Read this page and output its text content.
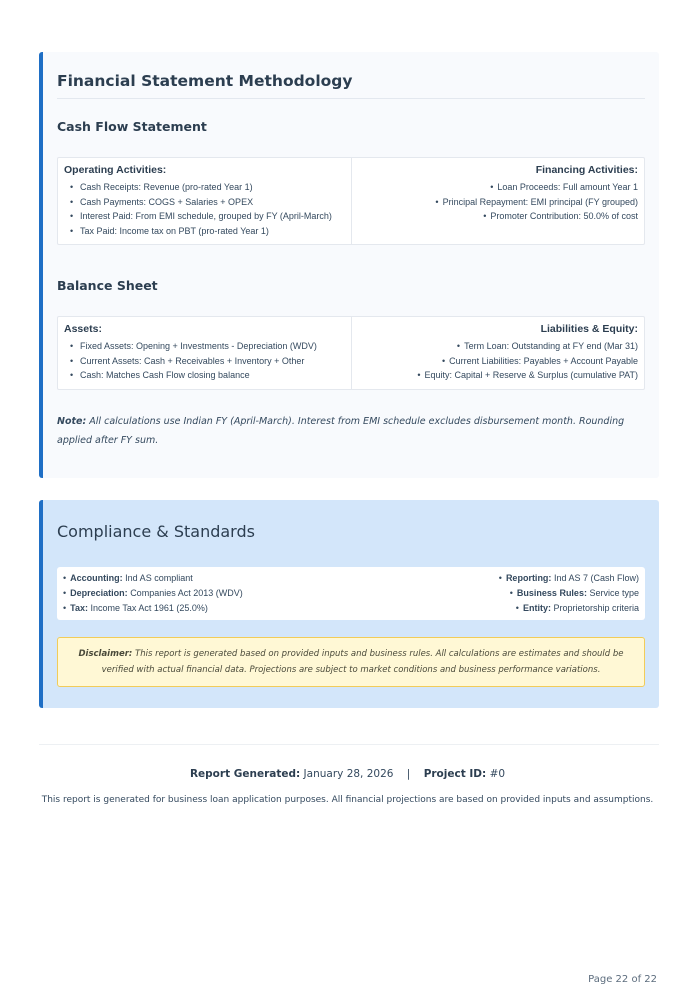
Financial Statement Methodology
Cash Flow Statement
Operating Activities:
• Cash Receipts: Revenue (pro-rated Year 1)
• Cash Payments: COGS + Salaries + OPEX
• Interest Paid: From EMI schedule, grouped by FY (April-March)
• Tax Paid: Income tax on PBT (pro-rated Year 1)
Financing Activities:
• Loan Proceeds: Full amount Year 1
• Principal Repayment: EMI principal (FY grouped)
• Promoter Contribution: 50.0% of cost
Balance Sheet
Assets:
• Fixed Assets: Opening + Investments - Depreciation (WDV)
• Current Assets: Cash + Receivables + Inventory + Other
• Cash: Matches Cash Flow closing balance
Liabilities & Equity:
• Term Loan: Outstanding at FY end (Mar 31)
• Current Liabilities: Payables + Account Payable
• Equity: Capital + Reserve & Surplus (cumulative PAT)
Note: All calculations use Indian FY (April-March). Interest from EMI schedule excludes disbursement month. Rounding applied after FY sum.
Compliance & Standards
• Accounting: Ind AS compliant
• Depreciation: Companies Act 2013 (WDV)
• Tax: Income Tax Act 1961 (25.0%)
• Reporting: Ind AS 7 (Cash Flow)
• Business Rules: Service type
• Entity: Proprietorship criteria
Disclaimer: This report is generated based on provided inputs and business rules. All calculations are estimates and should be verified with actual financial data. Projections are subject to market conditions and business performance variations.
Report Generated: January 28, 2026 | Project ID: #0
This report is generated for business loan application purposes. All financial projections are based on provided inputs and assumptions.
Page 22 of 22
